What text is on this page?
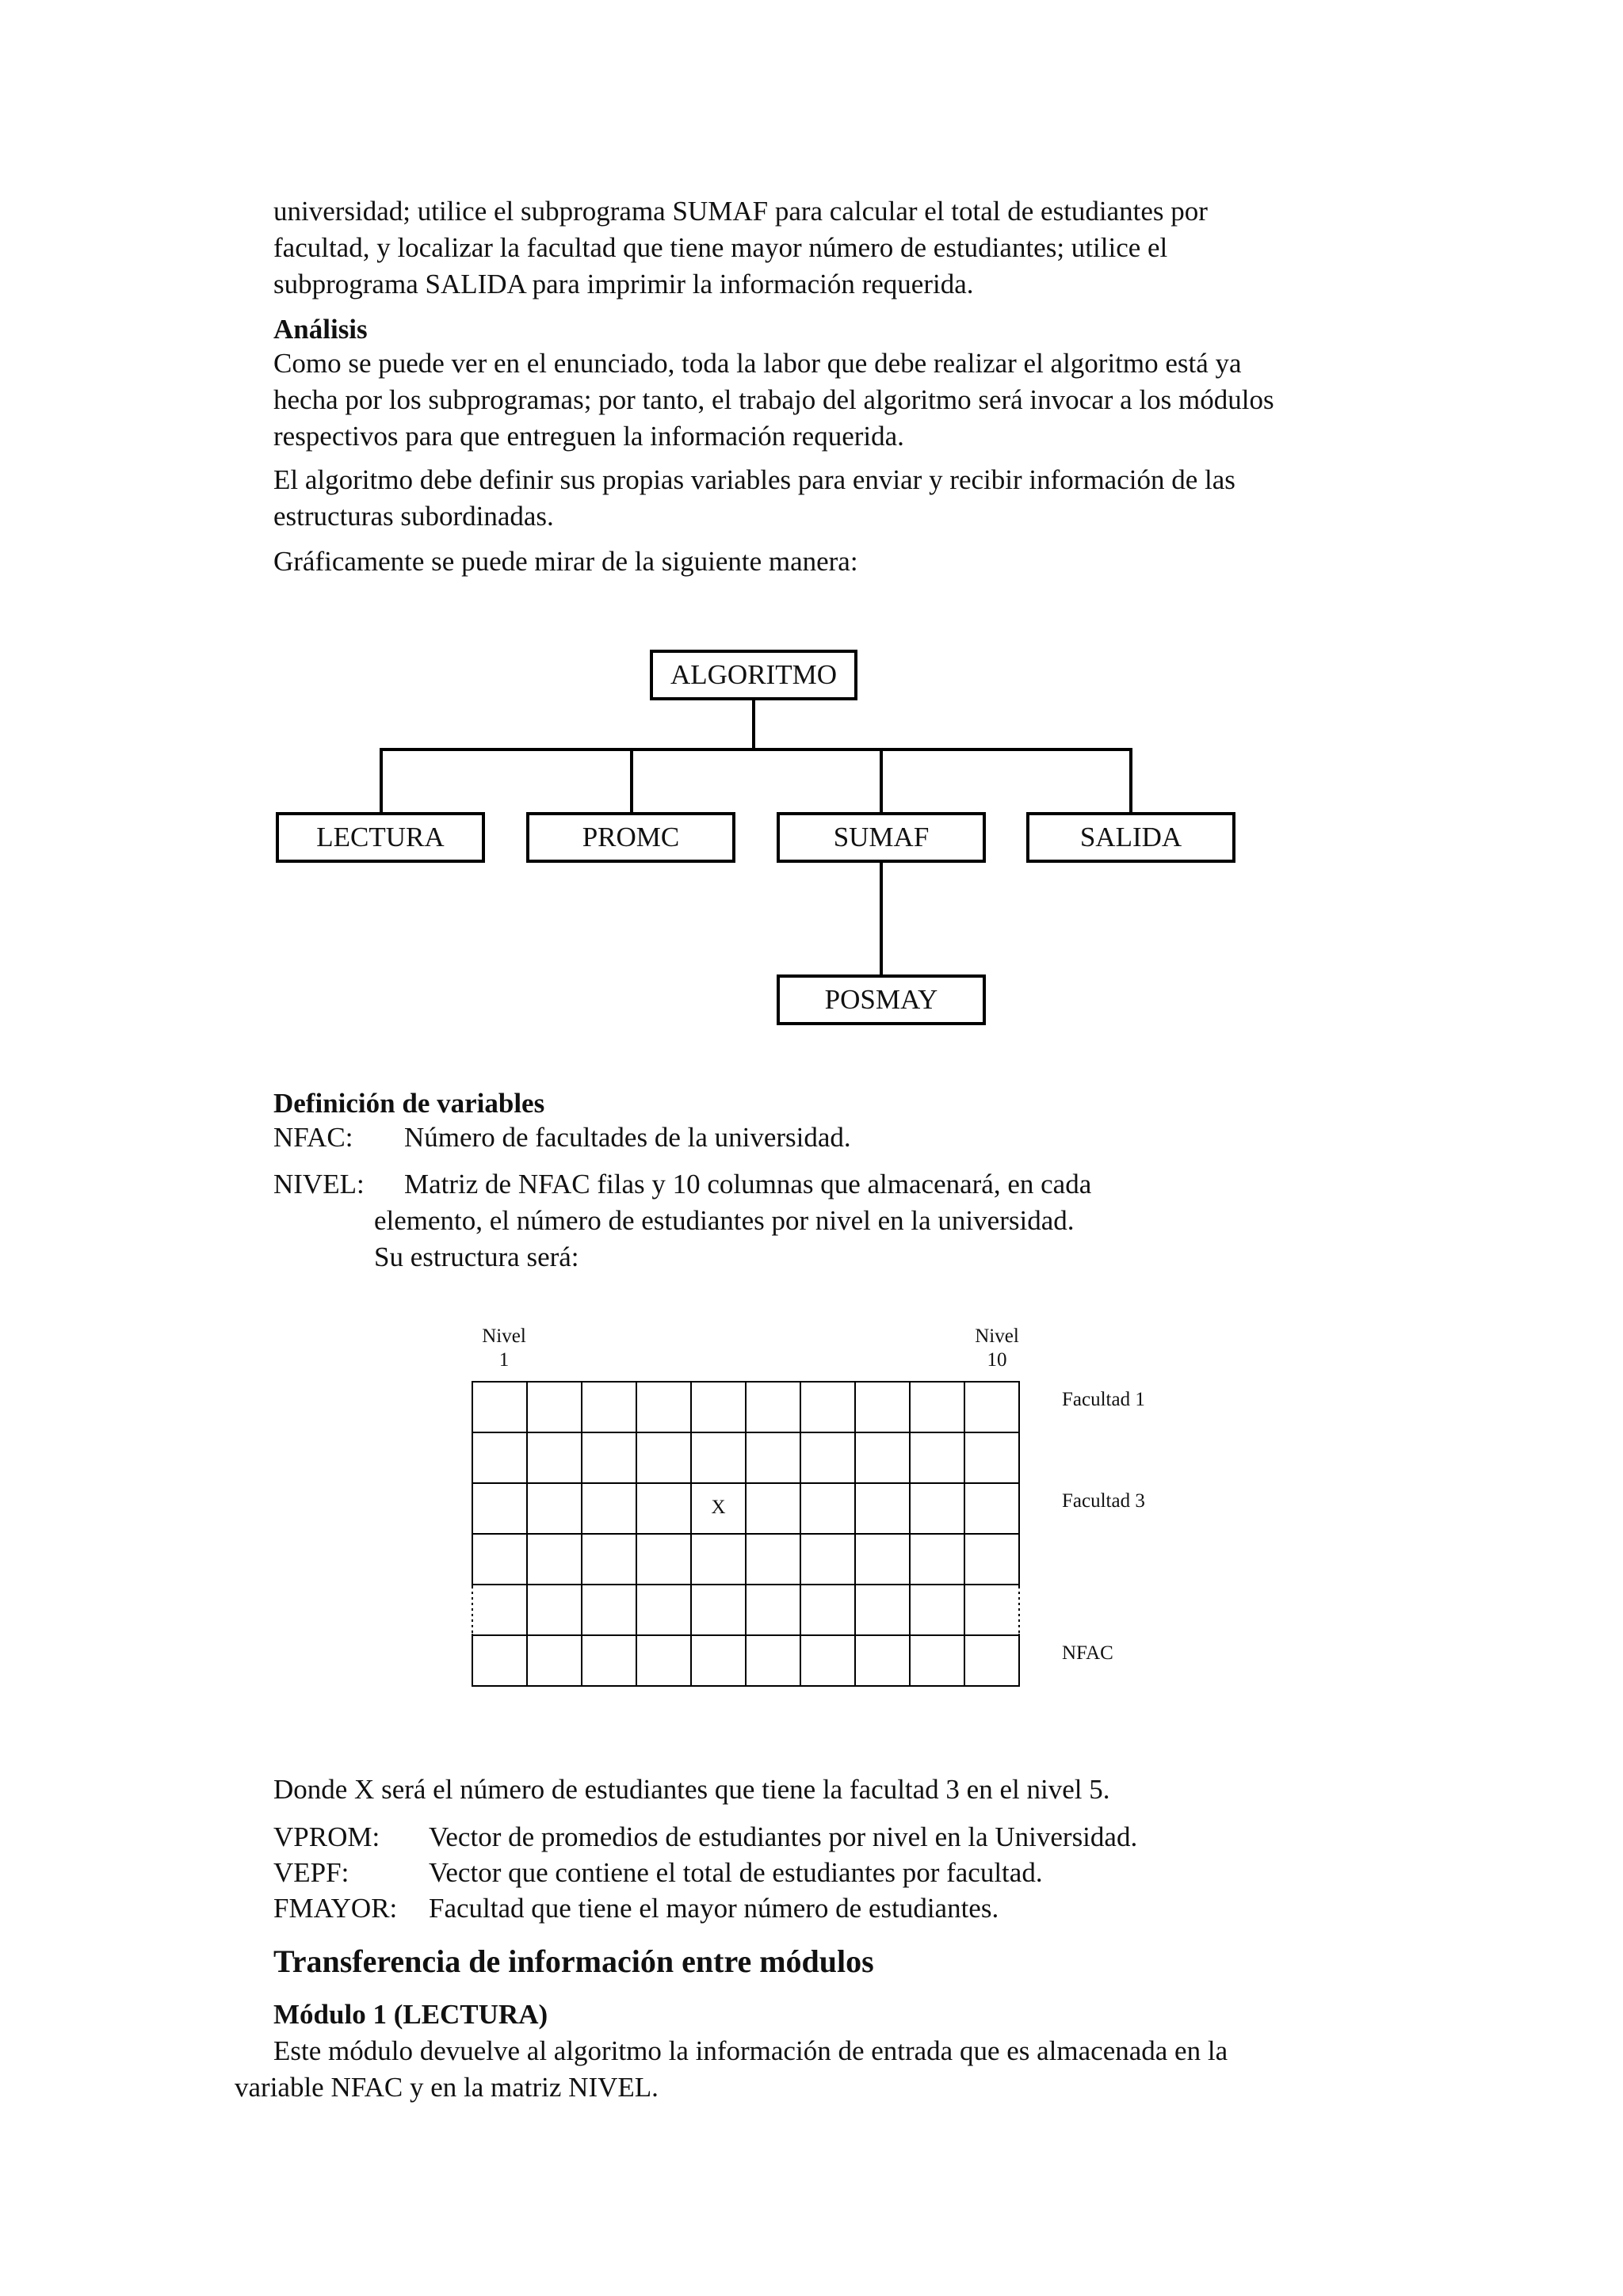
universidad; utilice el subprograma SUMAF para calcular el total de estudiantes por
facultad, y localizar la facultad que tiene mayor número de estudiantes; utilice el
subprograma SALIDA para imprimir la información requerida.
Análisis
Como se puede ver en el enunciado, toda la labor que debe realizar el algoritmo está ya
hecha por los subprogramas; por tanto, el trabajo del algoritmo será invocar a los módulos
respectivos para que entreguen la información requerida.
El algoritmo debe definir sus propias variables para enviar y recibir información de las
estructuras subordinadas.
Gráficamente se puede mirar de la siguiente manera:
ALGORITMO
LECTURA	PROMC	SUMAF	SALIDA
POSMAY
Definición de variables
NFAC: Número de facultades de la universidad.
NIVEL: Matriz de NFAC filas y 10 columnas que almacenará, en cada
elemento, el número de estudiantes por nivel en la universidad.
Su estructura será:
Nivel
1
Nivel
10
X
Facultad 1
Facultad 3
NFAC
Donde X será el número de estudiantes que tiene la facultad 3 en el nivel 5.
VPROM: Vector de promedios de estudiantes por nivel en la Universidad.
VEPF:	Vector que contiene el total de estudiantes por facultad.
FMAYOR: Facultad que tiene el mayor número de estudiantes.
Transferencia de información entre módulos
Módulo 1 (LECTURA)
Este módulo devuelve al algoritmo la información de entrada que es almacenada en la
variable NFAC y en la matriz NIVEL.
